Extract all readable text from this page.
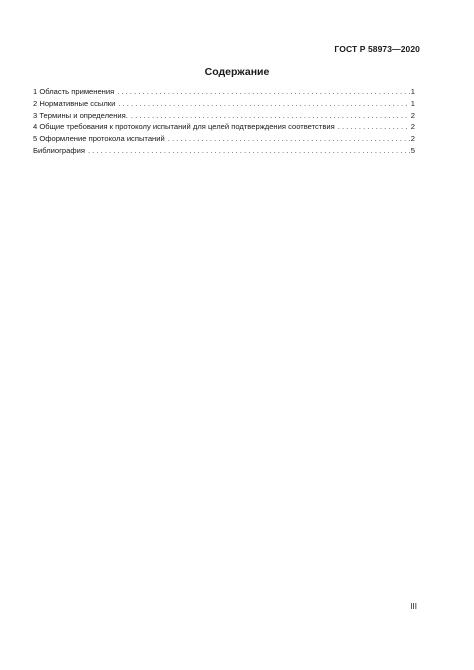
ГОСТ Р 58973—2020
Содержание
1 Область применения . . .	1
2 Нормативные ссылки . . .	1
3 Термины и определения. . . .	2
4 Общие требования к протоколу испытаний для целей подтверждения соответствия . . .	2
5 Оформление протокола испытаний . . .	2
Библиография . . .	5
III
